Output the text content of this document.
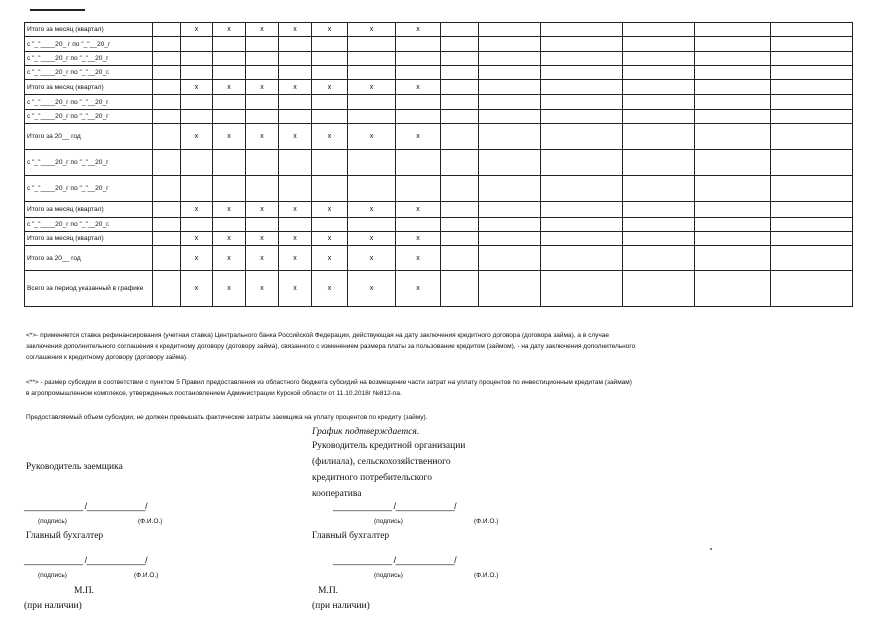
Итого за месяц (квартал)		x	x	x	x	x	x	x						
с "_"____20_ г по "_"__20_г														
с "_"____20_г по "_"__20_г														
с "_"____20_г по "_"__20_г.														
Итого за месяц (квартал)		x	x	x	x	x	x	x						
с "_"____20_г по "_"__20_г														
с "_"____20_г по "_"__20_г														
Итого за 20__ год		x	x	x	x	x	x	x						
с "_"____20_г по "_"__20_г														
с "_"____20_г по "_"__20_г														
Итого за месяц (квартал)		x	x	x	x	x	x	x						
с "_"____20_г по "_"__20_г.														
Итого за месяц (квартал)		x	x	x	x	x	x	x						
Итого за 20__ год		x	x	x	x	x	x	x						
Всего за период указанный в графике		x	x	x	x	x	x	x						
<*>- применяется ставка рефинансирования (учетная ставка) Центрального банка Российской Федерации, действующая на дату заключения кредитного договора (договора займа), а в случае заключения дополнительного соглашения к кредитному договору (договору займа), связанного с изменением размера платы за пользование кредитом (займом), - на дату заключения дополнительного соглашения к кредитному договору (договору займа).
<**> - размер субсидии в соответствии с пунктом 5 Правил предоставления из областного бюджета субсидий на возмещение части затрат на уплату процентов по инвестиционным кредитам (займам) в агропромышленном комплексе, утвержденных постановлением Администрации Курской области от 11.10.2018г №812-па.
Предоставляемый объем субсидии, не должен превышать фактические затраты заемщика на уплату процентов по кредиту (займу).
График подтверждается.
Руководитель кредитной организации
(филиала), сельскохозяйственного
кредитного потребительского
кооператива
Руководитель заемщика
_____________ /_____________/	_____________ /_____________/
(подпись)	(Ф.И.О.)	(подпись)	(Ф.И.О.)
Главный бухгалтер	Главный бухгалтер
_____________ /_____________/	_____________ /_____________/
(подпись)	(Ф.И.О.)	(подпись)	(Ф.И.О.)
М.П.
(при наличии)
М.П.
(при наличии)
